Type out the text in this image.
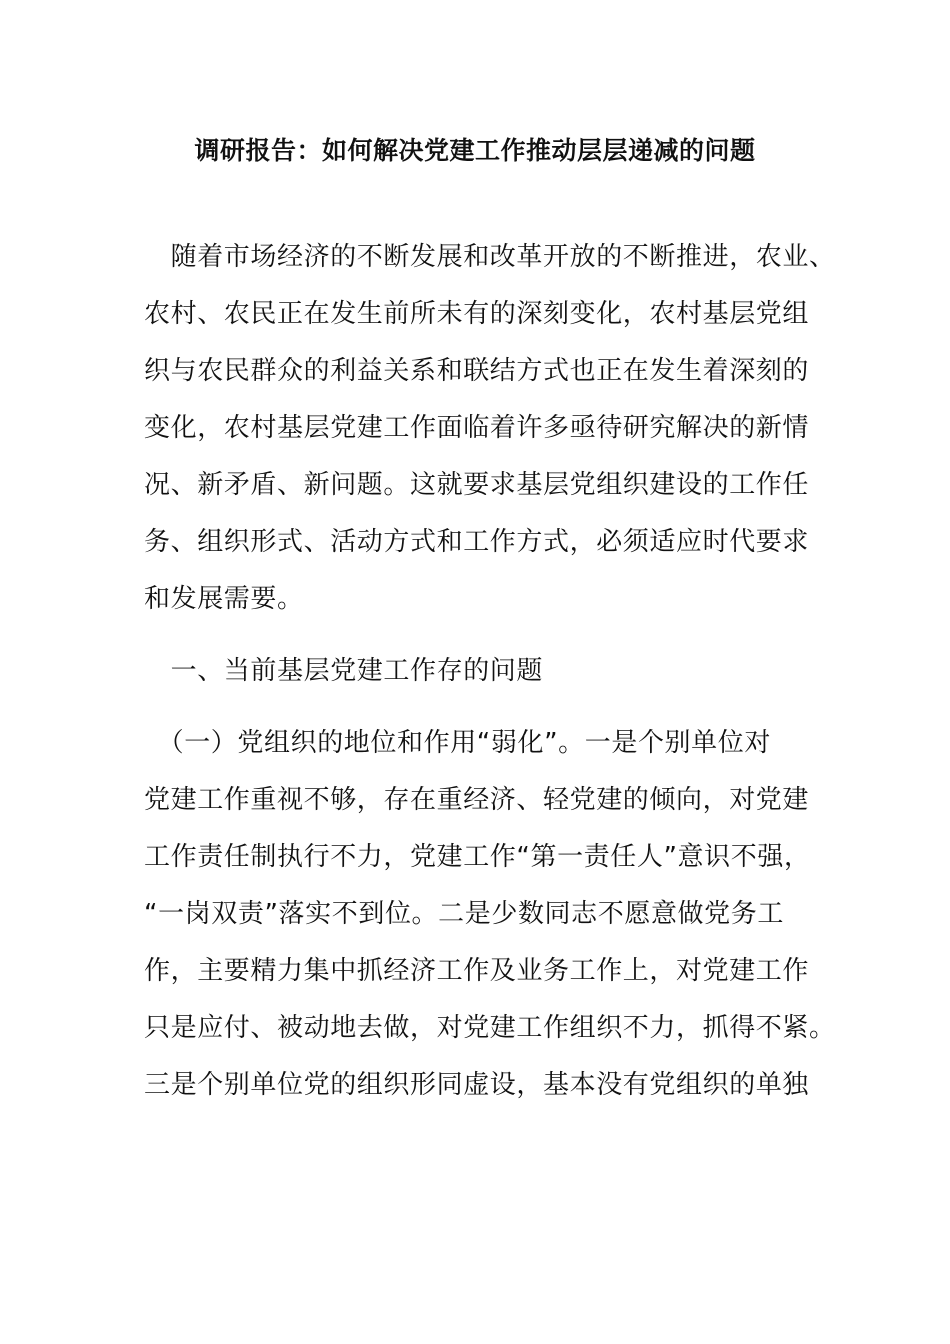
调研报告：如何解决党建工作推动层层递减的问题
　随着市场经济的不断发展和改革开放的不断推进，农业、
农村、农民正在发生前所未有的深刻变化，农村基层党组
织与农民群众的利益关系和联结方式也正在发生着深刻的
变化，农村基层党建工作面临着许多亟待研究解决的新情
况、新矛盾、新问题。这就要求基层党组织建设的工作任
务、组织形式、活动方式和工作方式，必须适应时代要求
和发展需要。
　一、当前基层党建工作存的问题
　（一）党组织的地位和作用“弱化”。一是个别单位对
党建工作重视不够，存在重经济、轻党建的倾向，对党建
工作责任制执行不力，党建工作“第一责任人”意识不强，
“一岗双责”落实不到位。二是少数同志不愿意做党务工
作，主要精力集中抓经济工作及业务工作上，对党建工作
只是应付、被动地去做，对党建工作组织不力，抓得不紧。
三是个别单位党的组织形同虚设，基本没有党组织的单独
